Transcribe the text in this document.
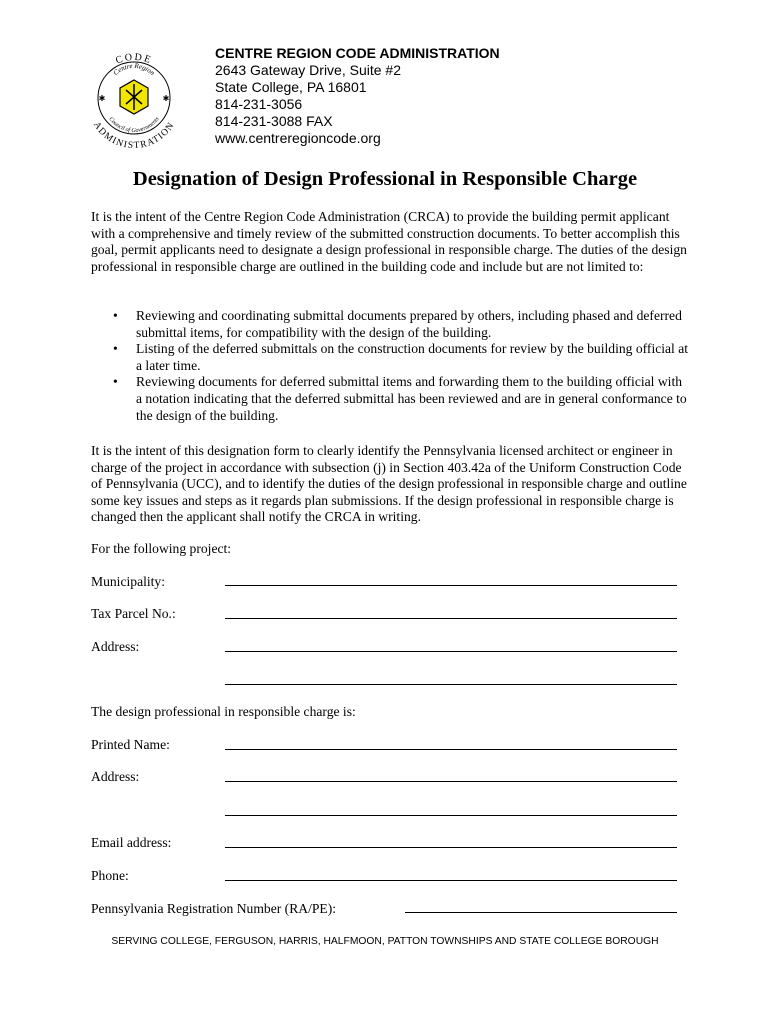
CODE
Centre Region
ADMINISTRATION
Council of Governments
✱	✱
CENTRE REGION CODE ADMINISTRATION
2643 Gateway Drive, Suite #2
State College, PA 16801
814-231-3056
814-231-3088 FAX
www.centreregioncode.org
Designation of Design Professional in Responsible Charge
It is the intent of the Centre Region Code Administration (CRCA) to provide the building permit applicant with a comprehensive and timely review of the submitted construction documents. To better accomplish this goal, permit applicants need to designate a design professional in responsible charge. The duties of the design professional in responsible charge are outlined in the building code and include but are not limited to:
• Reviewing and coordinating submittal documents prepared by others, including phased and deferred submittal items, for compatibility with the design of the building.
• Listing of the deferred submittals on the construction documents for review by the building official at a later time.
• Reviewing documents for deferred submittal items and forwarding them to the building official with a notation indicating that the deferred submittal has been reviewed and are in general conformance to the design of the building.
It is the intent of this designation form to clearly identify the Pennsylvania licensed architect or engineer in charge of the project in accordance with subsection (j) in Section 403.42a of the Uniform Construction Code of Pennsylvania (UCC), and to identify the duties of the design professional in responsible charge and outline some key issues and steps as it regards plan submissions. If the design professional in responsible charge is changed then the applicant shall notify the CRCA in writing.
For the following project:
Municipality:
Tax Parcel No.:
Address:
The design professional in responsible charge is:
Printed Name:
Address:
Email address:
Phone:
Pennsylvania Registration Number (RA/PE):
SERVING COLLEGE, FERGUSON, HARRIS, HALFMOON, PATTON TOWNSHIPS AND STATE COLLEGE BOROUGH
